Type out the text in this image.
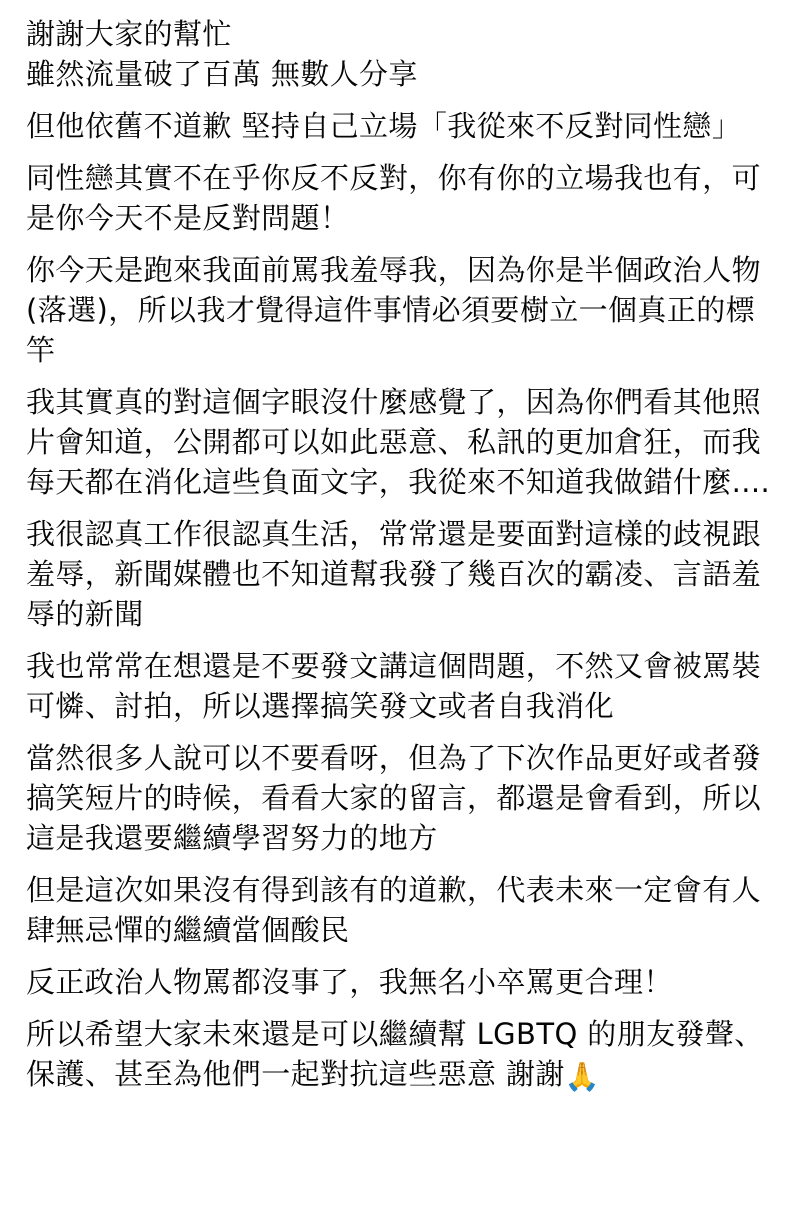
謝謝大家的幫忙
雖然流量破了百萬 無數人分享
但他依舊不道歉 堅持自己立場「我從來不反對同性戀」
同性戀其實不在乎你反不反對，你有你的立場我也有，可
是你今天不是反對問題！
你今天是跑來我面前罵我羞辱我，因為你是半個政治人物
(落選)，所以我才覺得這件事情必須要樹立一個真正的標
竿
我其實真的對這個字眼沒什麼感覺了，因為你們看其他照
片會知道，公開都可以如此惡意、私訊的更加倉狂，而我
每天都在消化這些負面文字，我從來不知道我做錯什麼....
我很認真工作很認真生活，常常還是要面對這樣的歧視跟
羞辱，新聞媒體也不知道幫我發了幾百次的霸凌、言語羞
辱的新聞
我也常常在想還是不要發文講這個問題，不然又會被罵裝
可憐、討拍，所以選擇搞笑發文或者自我消化
當然很多人說可以不要看呀，但為了下次作品更好或者發
搞笑短片的時候，看看大家的留言，都還是會看到，所以
這是我還要繼續學習努力的地方
但是這次如果沒有得到該有的道歉，代表未來一定會有人
肆無忌憚的繼續當個酸民
反正政治人物罵都沒事了，我無名小卒罵更合理！
所以希望大家未來還是可以繼續幫 LGBTQ 的朋友發聲、
保護、甚至為他們一起對抗這些惡意 謝謝🙏
